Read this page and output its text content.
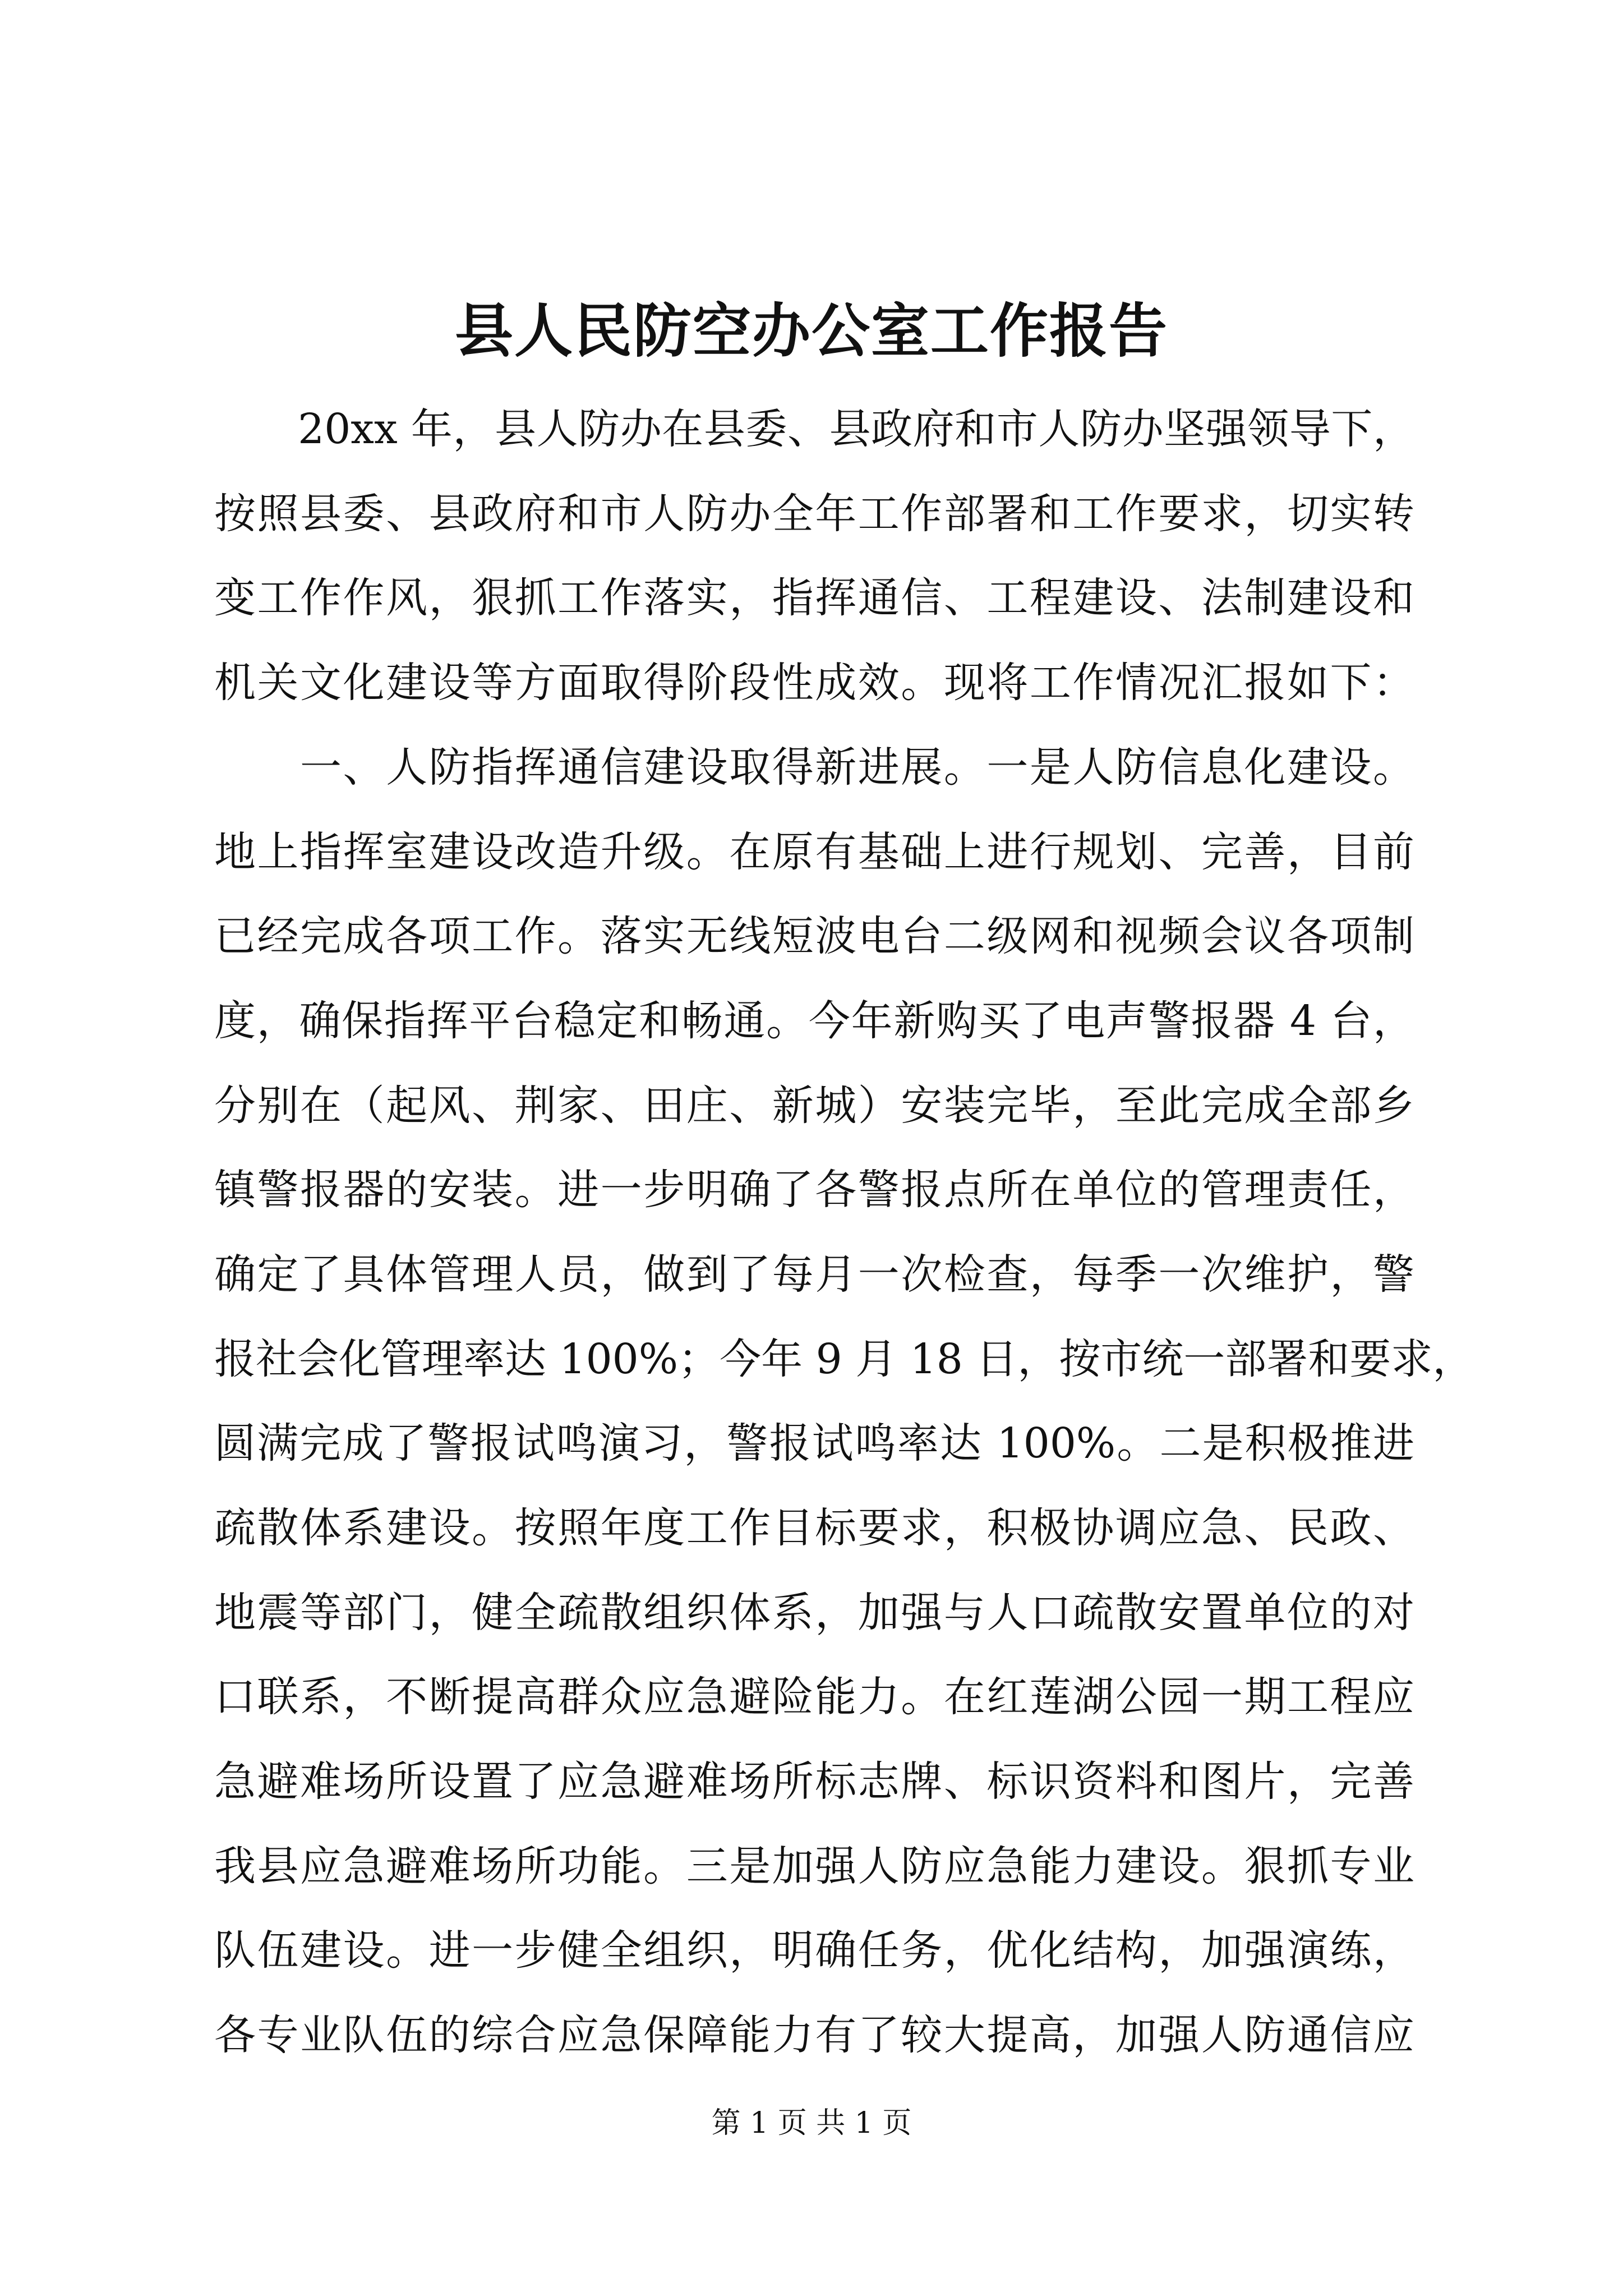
县人民防空办公室工作报告

　　20xx 年，县人防办在县委、县政府和市人防办坚强领导下，

按照县委、县政府和市人防办全年工作部署和工作要求，切实转

变工作作风，狠抓工作落实，指挥通信、工程建设、法制建设和

机关文化建设等方面取得阶段性成效。现将工作情况汇报如下：

　　一、人防指挥通信建设取得新进展。一是人防信息化建设。

地上指挥室建设改造升级。在原有基础上进行规划、完善，目前

已经完成各项工作。落实无线短波电台二级网和视频会议各项制

度，确保指挥平台稳定和畅通。今年新购买了电声警报器 4 台，

分别在（起风、荆家、田庄、新城）安装完毕，至此完成全部乡

镇警报器的安装。进一步明确了各警报点所在单位的管理责任，

确定了具体管理人员，做到了每月一次检查，每季一次维护，警

报社会化管理率达 100%；今年 9 月 18 日，按市统一部署和要求，

圆满完成了警报试鸣演习，警报试鸣率达 100%。二是积极推进

疏散体系建设。按照年度工作目标要求，积极协调应急、民政、

地震等部门，健全疏散组织体系，加强与人口疏散安置单位的对

口联系，不断提高群众应急避险能力。在红莲湖公园一期工程应

急避难场所设置了应急避难场所标志牌、标识资料和图片，完善

我县应急避难场所功能。三是加强人防应急能力建设。狠抓专业

队伍建设。进一步健全组织，明确任务，优化结构，加强演练，

各专业队伍的综合应急保障能力有了较大提高，加强人防通信应

第 1 页 共 1 页
